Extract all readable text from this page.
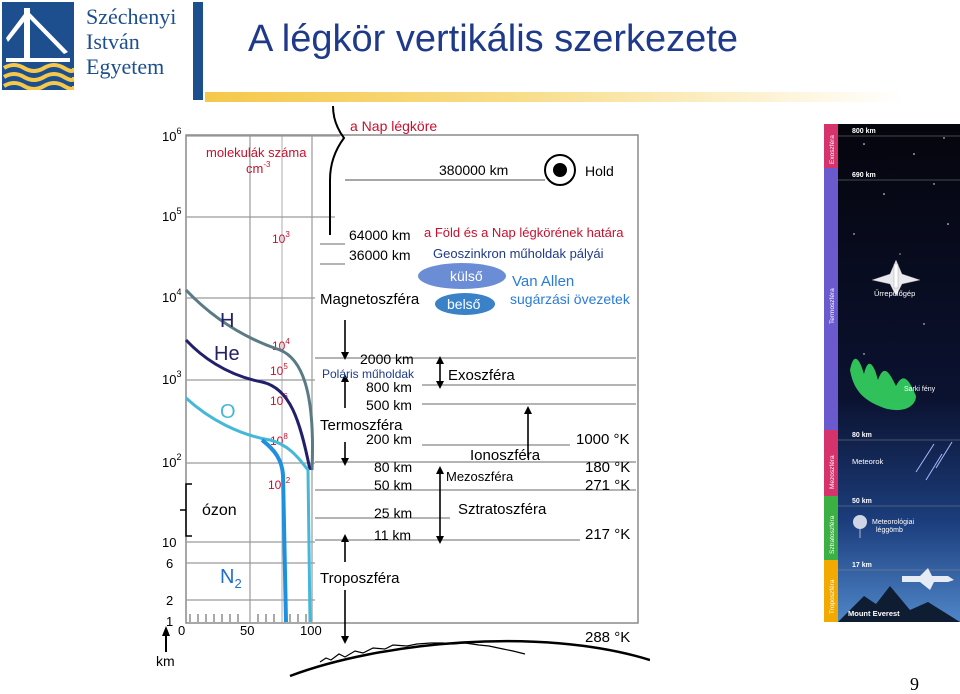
Széchenyi
István
Egyetem
A légkör vertikális szerkezete
$10^6$
$10^5$
$10^4$
$10^3$
$10^2$
10
6
2
1
km
0	50	100
molekulák száma
$cm^{-3}$
$10^3$
$10^4$
$10^5$
$10^6$
$10^8$
$10^{12}$
H
He
O
$N_2$
ózon
a Nap légköre
380000 km	Hold
a Föld és a Nap légkörének határa
Geoszinkron műholdak pályái
64000 km
36000 km
külső
belső
Van Allen
sugárzási övezetek
Magnetoszféra
2000 km
Poláris műholdak Exoszféra
800 km
500 km
Termoszféra
200 km	1000 °K
Ionoszféra
80 km
Mezoszféra
180 °K
50 km	271 °K
Sztratoszféra
25 km
11 km	217 °K
Troposzféra
288 °K
Exoszféra
Termoszféra
Mezoszféra
Sztratoszféra
Troposzféra
800 km
690 km
80 km
50 km
17 km
Űrrepülőgép
Sarki fény
Meteorok
Meteorológiai
léggömb
Mount Everest
9
